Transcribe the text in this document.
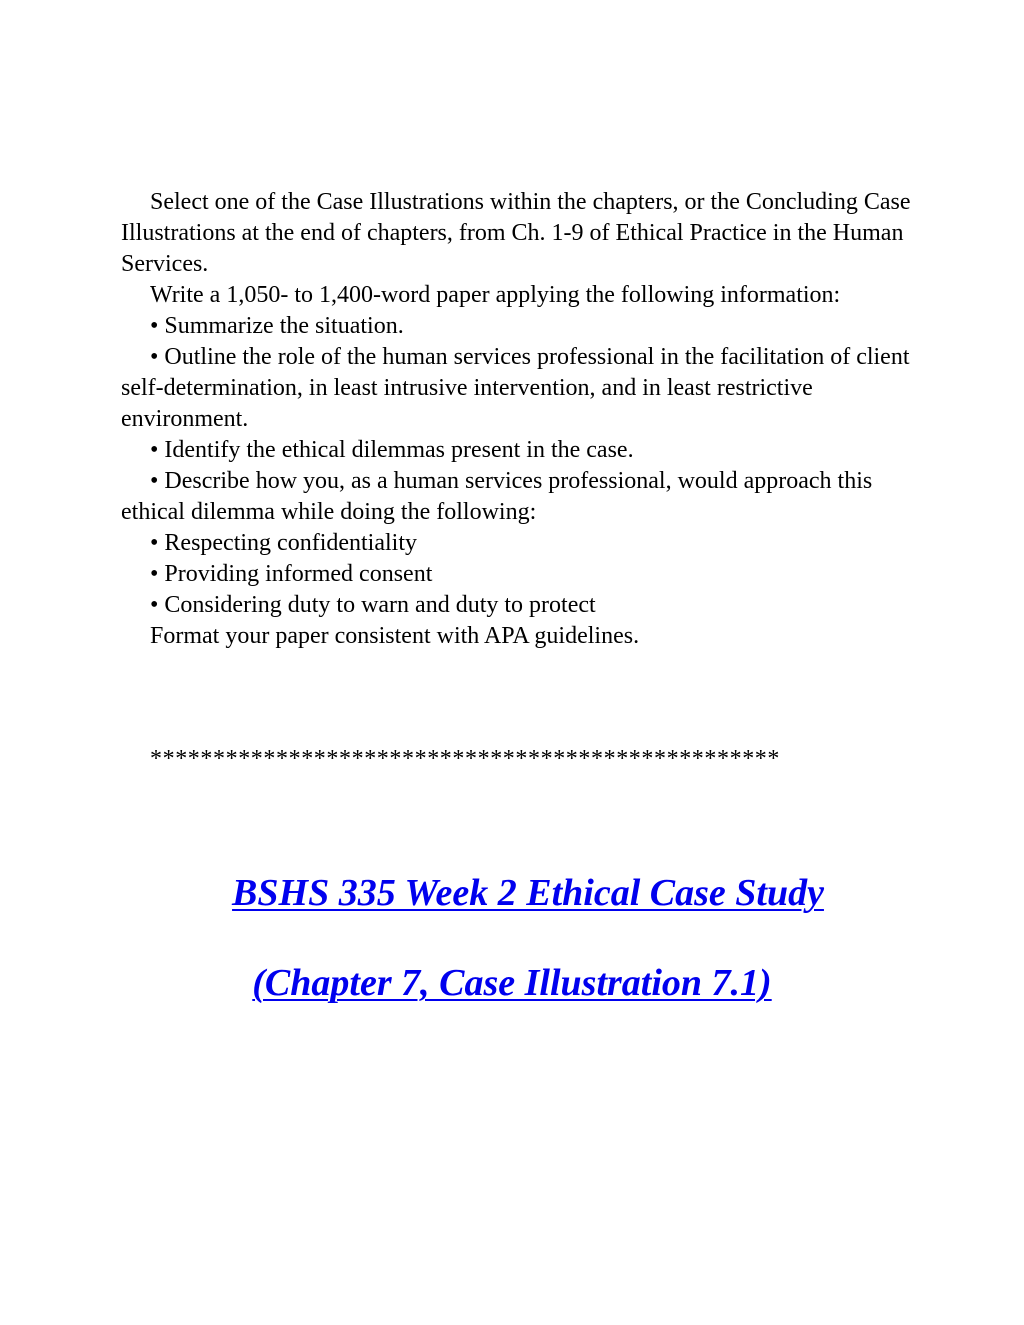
Select one of the Case Illustrations within the chapters, or the Concluding Case Illustrations at the end of chapters, from Ch. 1-9 of Ethical Practice in the Human Services.

Write a 1,050- to 1,400-word paper applying the following information:

• Summarize the situation.

• Outline the role of the human services professional in the facilitation of client self-determination, in least intrusive intervention, and in least restrictive environment.

• Identify the ethical dilemmas present in the case.

• Describe how you, as a human services professional, would approach this ethical dilemma while doing the following:

• Respecting confidentiality

• Providing informed consent

• Considering duty to warn and duty to protect

Format your paper consistent with APA guidelines.

**************************************************
BSHS 335 Week 2 Ethical Case Study
(Chapter 7, Case Illustration 7.1)
